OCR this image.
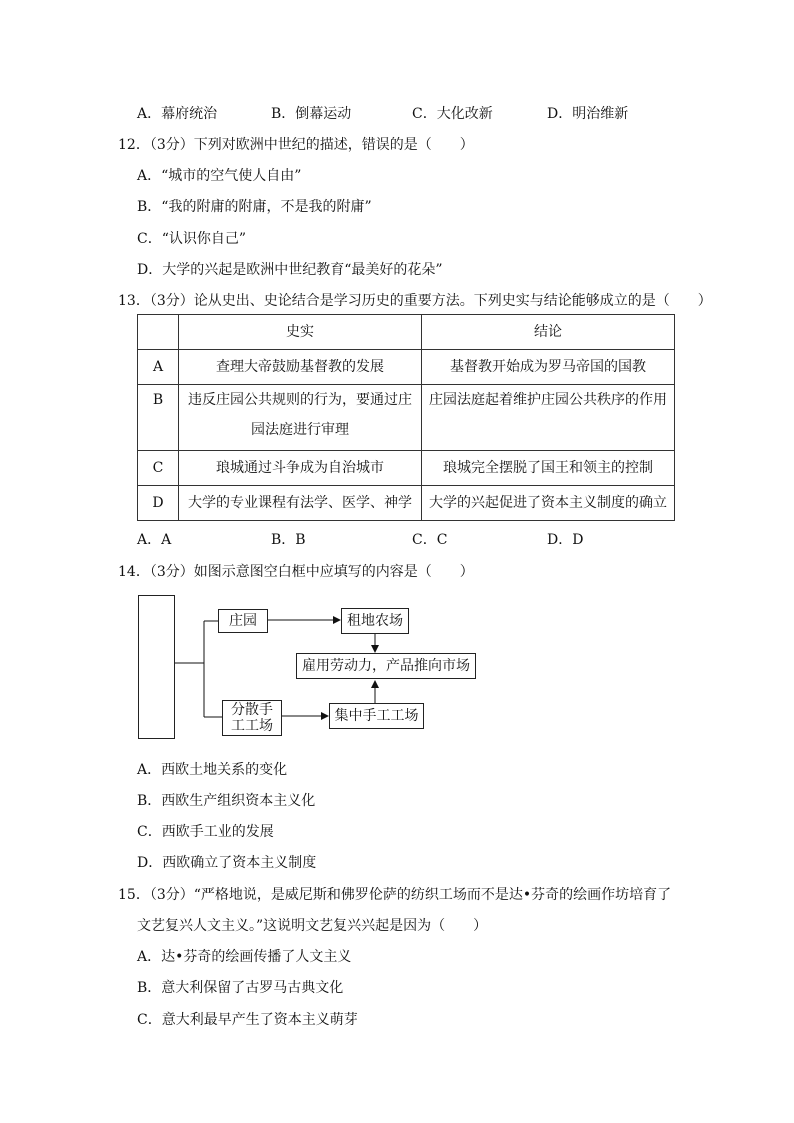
A．幕府统治	B．倒幕运动	C．大化改新	D．明治维新
12．（3分）下列对欧洲中世纪的描述，错误的是（　　）
A．“城市的空气使人自由”
B．“我的附庸的附庸，不是我的附庸”
C．“认识你自己”
D．大学的兴起是欧洲中世纪教育“最美好的花朵”
13．（3分）论从史出、史论结合是学习历史的重要方法。下列史实与结论能够成立的是（　　）
	史实	结论
A	查理大帝鼓励基督教的发展	基督教开始成为罗马帝国的国教
B	违反庄园公共规则的行为，要通过庄园法庭进行审理	庄园法庭起着维护庄园公共秩序的作用
C	琅城通过斗争成为自治城市	琅城完全摆脱了国王和领主的控制
D	大学的专业课程有法学、医学、神学	大学的兴起促进了资本主义制度的确立
A．A	B．B	C．C	D．D
14．（3分）如图示意图空白框中应填写的内容是（　　）
庄园	租地农场
雇用劳动力，产品推向市场
分散手
工工场
集中手工工场
A．西欧土地关系的变化
B．西欧生产组织资本主义化
C．西欧手工业的发展
D．西欧确立了资本主义制度
15．（3分）“严格地说，是威尼斯和佛罗伦萨的纺织工场而不是达•芬奇的绘画作坊培育了
文艺复兴人文主义。”这说明文艺复兴兴起是因为（　　）
A．达•芬奇的绘画传播了人文主义
B．意大利保留了古罗马古典文化
C．意大利最早产生了资本主义萌芽
